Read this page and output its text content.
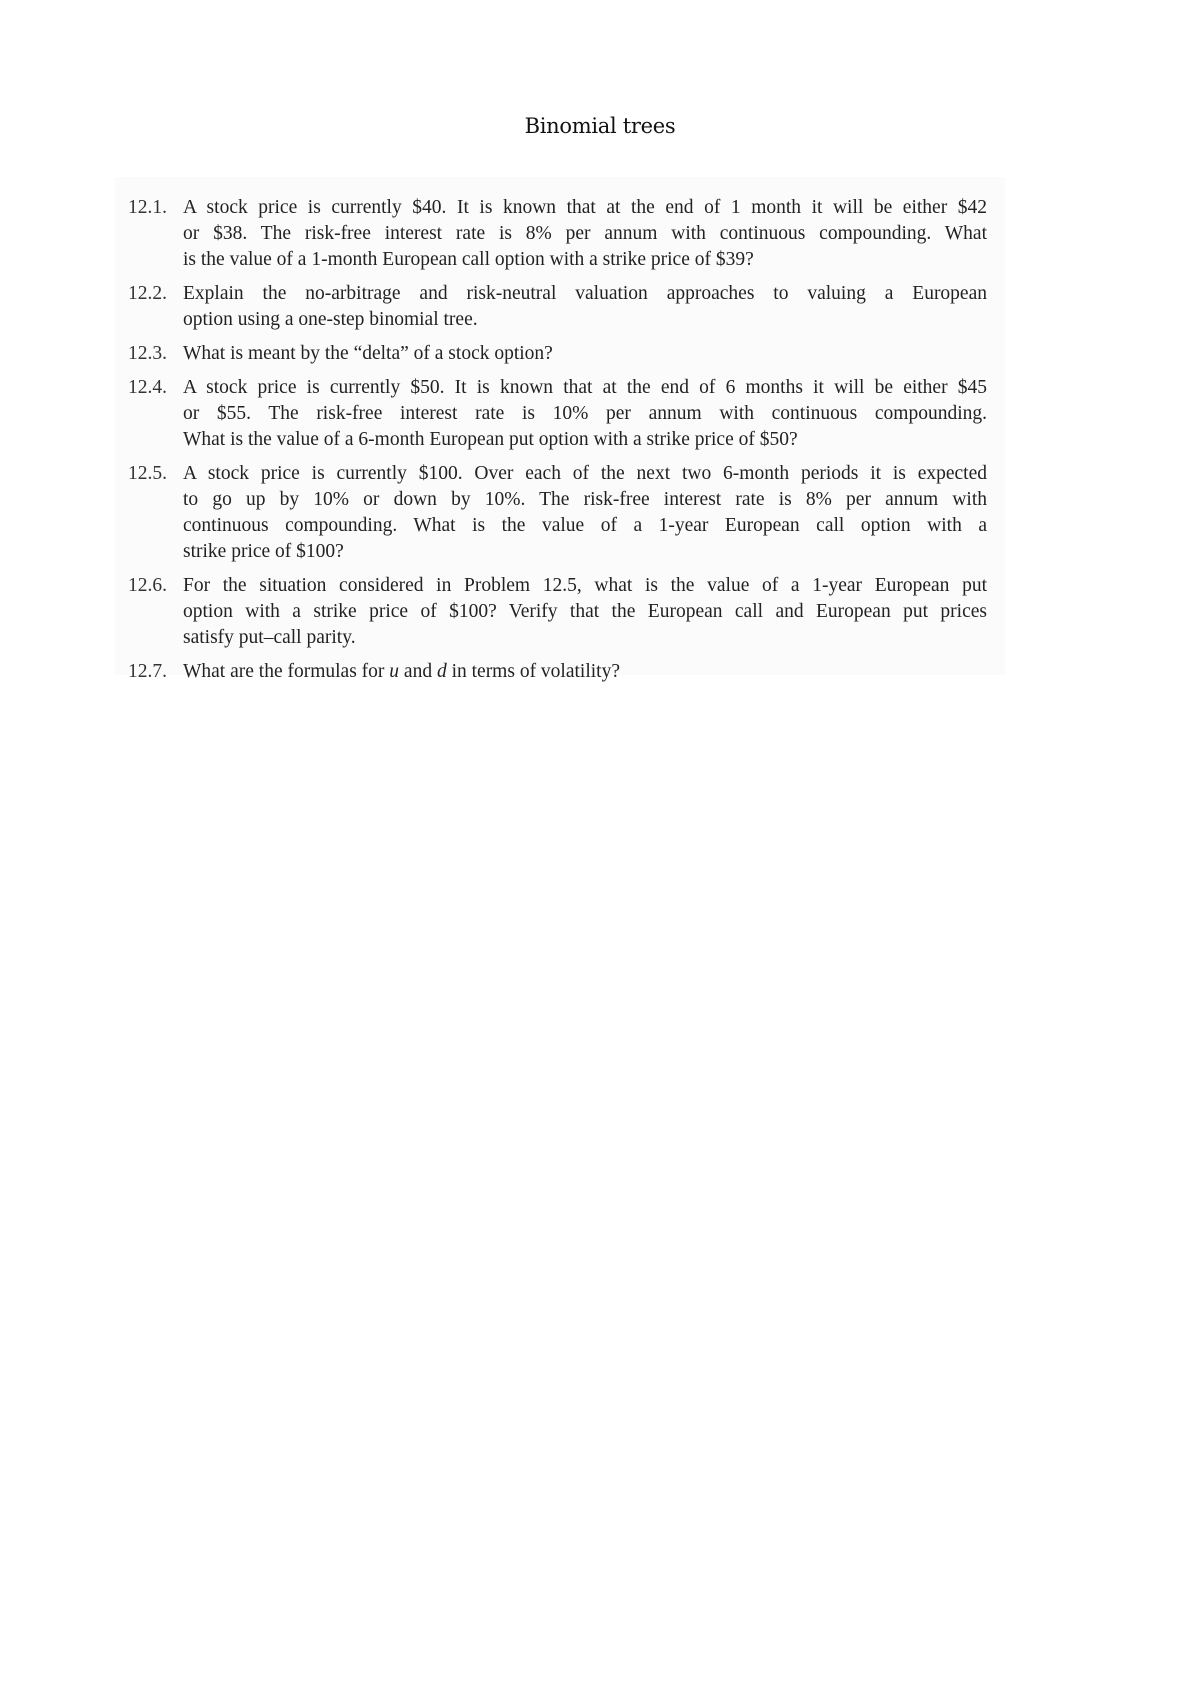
Binomial trees
12.1. A stock price is currently $40. It is known that at the end of 1 month it will be either $42
or $38. The risk-free interest rate is 8% per annum with continuous compounding. What
is the value of a 1-month European call option with a strike price of $39?
12.2. Explain the no-arbitrage and risk-neutral valuation approaches to valuing a European
option using a one-step binomial tree.
12.3. What is meant by the “delta” of a stock option?
12.4. A stock price is currently $50. It is known that at the end of 6 months it will be either $45
or $55. The risk-free interest rate is 10% per annum with continuous compounding.
What is the value of a 6-month European put option with a strike price of $50?
12.5. A stock price is currently $100. Over each of the next two 6-month periods it is expected
to go up by 10% or down by 10%. The risk-free interest rate is 8% per annum with
continuous compounding. What is the value of a 1-year European call option with a
strike price of $100?
12.6. For the situation considered in Problem 12.5, what is the value of a 1-year European put
option with a strike price of $100? Verify that the European call and European put prices
satisfy put–call parity.
12.7. What are the formulas for u and d in terms of volatility?
